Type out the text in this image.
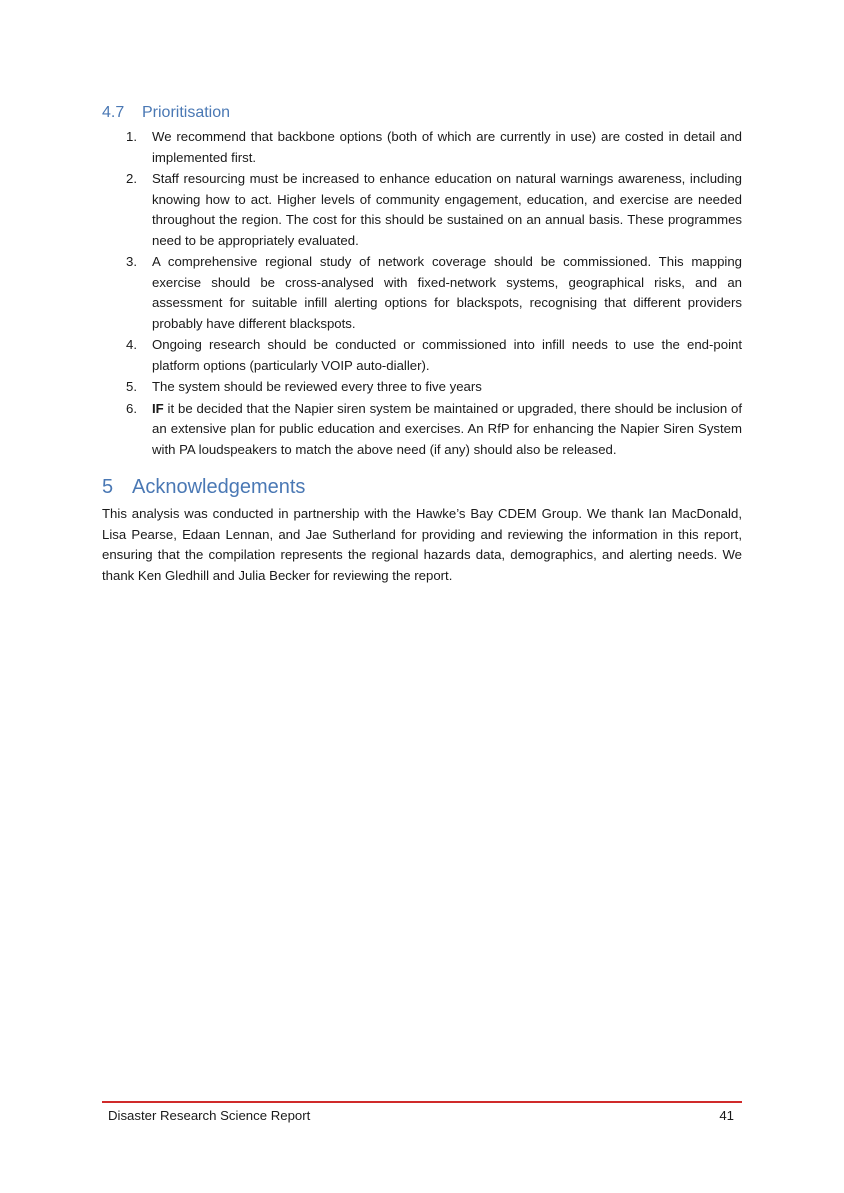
4.7	Prioritisation
1. We recommend that backbone options (both of which are currently in use) are costed in detail and implemented first.
2. Staff resourcing must be increased to enhance education on natural warnings awareness, including knowing how to act. Higher levels of community engagement, education, and exercise are needed throughout the region. The cost for this should be sustained on an annual basis. These programmes need to be appropriately evaluated.
3. A comprehensive regional study of network coverage should be commissioned. This mapping exercise should be cross-analysed with fixed-network systems, geographical risks, and an assessment for suitable infill alerting options for blackspots, recognising that different providers probably have different blackspots.
4. Ongoing research should be conducted or commissioned into infill needs to use the end-point platform options (particularly VOIP auto-dialler).
5. The system should be reviewed every three to five years
6. IF it be decided that the Napier siren system be maintained or upgraded, there should be inclusion of an extensive plan for public education and exercises. An RfP for enhancing the Napier Siren System with PA loudspeakers to match the above need (if any) should also be released.
5 Acknowledgements

This analysis was conducted in partnership with the Hawke’s Bay CDEM Group. We thank Ian MacDonald, Lisa Pearse, Edaan Lennan, and Jae Sutherland for providing and reviewing the information in this report, ensuring that the compilation represents the regional hazards data, demographics, and alerting needs. We thank Ken Gledhill and Julia Becker for reviewing the report.

Disaster Research Science Report	41
